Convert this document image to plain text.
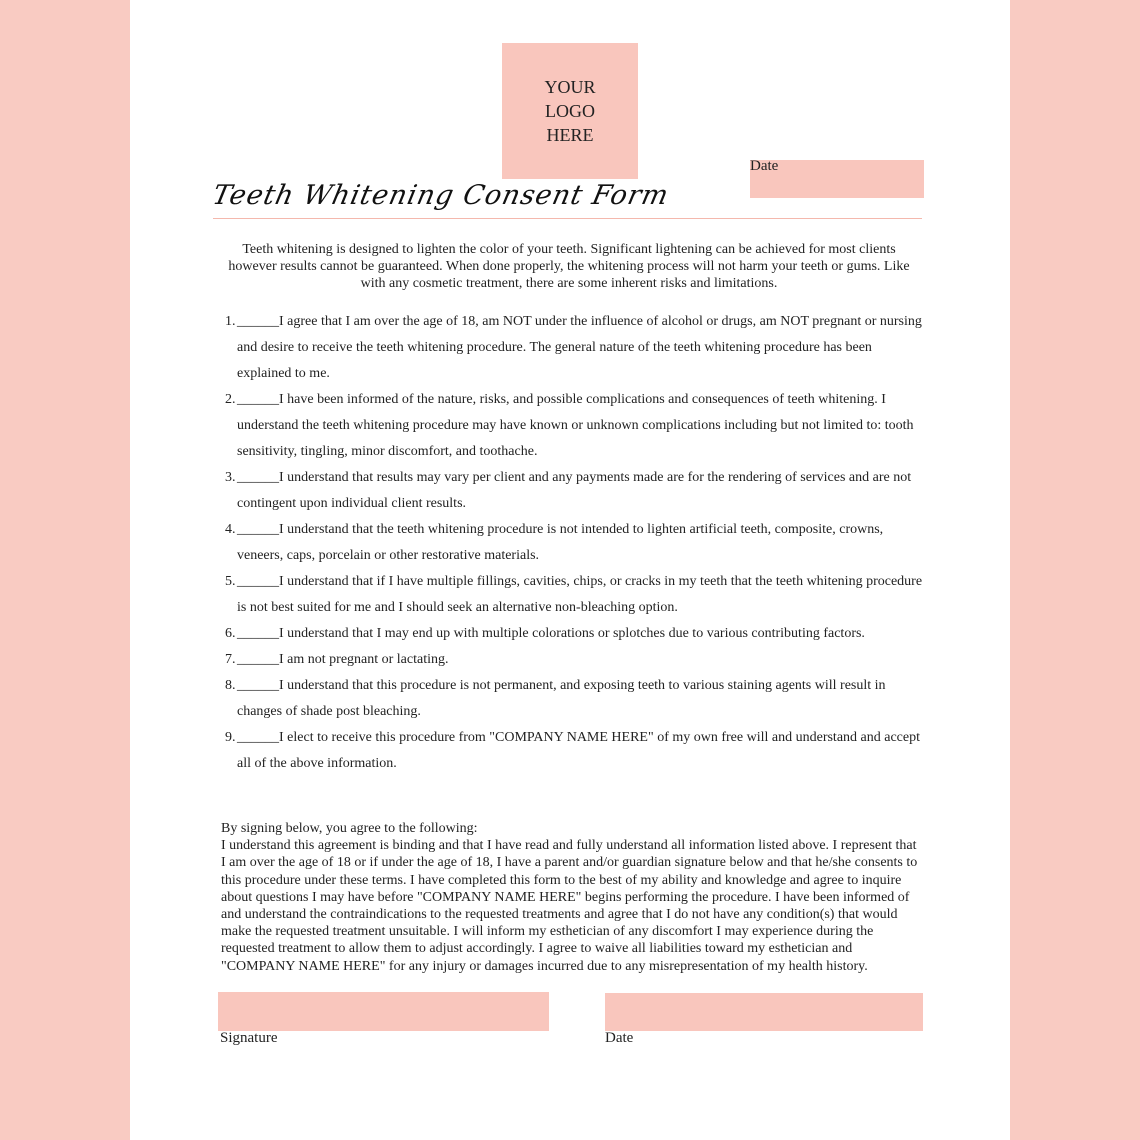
YOUR LOGO HERE
Date
Teeth Whitening Consent Form

Teeth whitening is designed to lighten the color of your teeth. Significant lightening can be achieved for most clients however results cannot be guaranteed. When done properly, the whitening process will not harm your teeth or gums. Like with any cosmetic treatment, there are some inherent risks and limitations.

1. ______I agree that I am over the age of 18, am NOT under the influence of alcohol or drugs, am NOT pregnant or nursing and desire to receive the teeth whitening procedure. The general nature of the teeth whitening procedure has been explained to me.
2. ______I have been informed of the nature, risks, and possible complications and consequences of teeth whitening. I understand the teeth whitening procedure may have known or unknown complications including but not limited to: tooth sensitivity, tingling, minor discomfort, and toothache.
3. ______I understand that results may vary per client and any payments made are for the rendering of services and are not contingent upon individual client results.
4. ______I understand that the teeth whitening procedure is not intended to lighten artificial teeth, composite, crowns, veneers, caps, porcelain or other restorative materials.
5. ______I understand that if I have multiple fillings, cavities, chips, or cracks in my teeth that the teeth whitening procedure is not best suited for me and I should seek an alternative non-bleaching option.
6. ______I understand that I may end up with multiple colorations or splotches due to various contributing factors.
7. ______I am not pregnant or lactating.
8. ______I understand that this procedure is not permanent, and exposing teeth to various staining agents will result in changes of shade post bleaching.
9. ______I elect to receive this procedure from "COMPANY NAME HERE" of my own free will and understand and accept all of the above information.

By signing below, you agree to the following:

I understand this agreement is binding and that I have read and fully understand all information listed above. I represent that I am over the age of 18 or if under the age of 18, I have a parent and/or guardian signature below and that he/she consents to this procedure under these terms. I have completed this form to the best of my ability and knowledge and agree to inquire about questions I may have before "COMPANY NAME HERE" begins performing the procedure. I have been informed of and understand the contraindications to the requested treatments and agree that I do not have any condition(s) that would make the requested treatment unsuitable. I will inform my esthetician of any discomfort I may experience during the requested treatment to allow them to adjust accordingly. I agree to waive all liabilities toward my esthetician and "COMPANY NAME HERE" for any injury or damages incurred due to any misrepresentation of my health history.

Signature	Date
